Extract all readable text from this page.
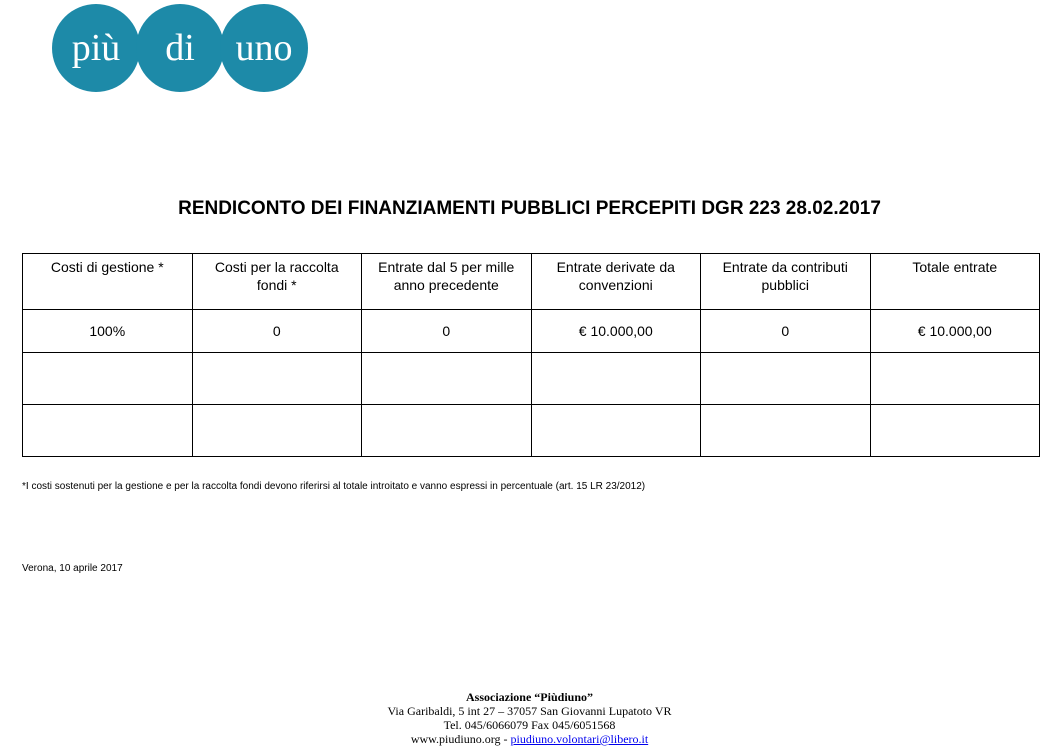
più di uno
RENDICONTO DEI FINANZIAMENTI PUBBLICI PERCEPITI DGR 223 28.02.2017
Costi di gestione *	Costi per la raccolta fondi *	Entrate dal 5 per mille anno precedente	Entrate derivate da convenzioni	Entrate da contributi pubblici	Totale entrate
100%	0	0	€ 10.000,00	0	€ 10.000,00

*I costi sostenuti per la gestione e per la raccolta fondi devono riferirsi al totale introitato e vanno espressi in percentuale (art. 15 LR 23/2012)
Verona, 10 aprile 2017
Associazione “Piùdiuno”
Via Garibaldi, 5 int 27 – 37057 San Giovanni Lupatoto VR
Tel. 045/6066079 Fax 045/6051568
www.piudiuno.org - piudiuno.volontari@libero.it
